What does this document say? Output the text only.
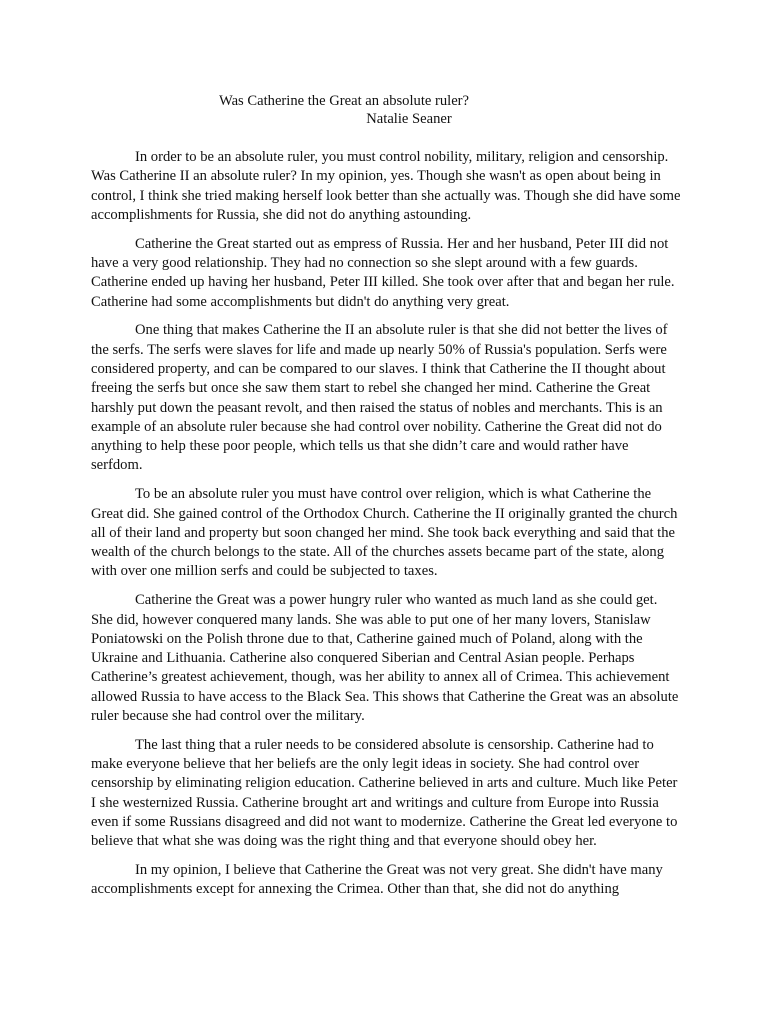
Was Catherine the Great an absolute ruler?
Natalie Seaner

In order to be an absolute ruler, you must control nobility, military, religion and censorship. Was Catherine II an absolute ruler? In my opinion, yes. Though she wasn't as open about being in control, I think she tried making herself look better than she actually was. Though she did have some accomplishments for Russia, she did not do anything astounding.

Catherine the Great started out as empress of Russia. Her and her husband, Peter III did not have a very good relationship. They had no connection so she slept around with a few guards. Catherine ended up having her husband, Peter III killed. She took over after that and began her rule. Catherine had some accomplishments but didn't do anything very great.

One thing that makes Catherine the II an absolute ruler is that she did not better the lives of the serfs. The serfs were slaves for life and made up nearly 50% of Russia's population. Serfs were considered property, and can be compared to our slaves. I think that Catherine the II thought about freeing the serfs but once she saw them start to rebel she changed her mind. Catherine the Great harshly put down the peasant revolt, and then raised the status of nobles and merchants. This is an example of an absolute ruler because she had control over nobility. Catherine the Great did not do anything to help these poor people, which tells us that she didn’t care and would rather have serfdom.

To be an absolute ruler you must have control over religion, which is what Catherine the Great did. She gained control of the Orthodox Church. Catherine the II originally granted the church all of their land and property but soon changed her mind. She took back everything and said that the wealth of the church belongs to the state. All of the churches assets became part of the state, along with over one million serfs and could be subjected to taxes.

Catherine the Great was a power hungry ruler who wanted as much land as she could get. She did, however conquered many lands. She was able to put one of her many lovers, Stanislaw Poniatowski on the Polish throne due to that, Catherine gained much of Poland, along with the Ukraine and Lithuania. Catherine also conquered Siberian and Central Asian people. Perhaps Catherine’s greatest achievement, though, was her ability to annex all of Crimea. This achievement allowed Russia to have access to the Black Sea. This shows that Catherine the Great was an absolute ruler because she had control over the military.

The last thing that a ruler needs to be considered absolute is censorship. Catherine had to make everyone believe that her beliefs are the only legit ideas in society. She had control over censorship by eliminating religion education. Catherine believed in arts and culture. Much like Peter I she westernized Russia. Catherine brought art and writings and culture from Europe into Russia even if some Russians disagreed and did not want to modernize. Catherine the Great led everyone to believe that what she was doing was the right thing and that everyone should obey her.

In my opinion, I believe that Catherine the Great was not very great. She didn't have many accomplishments except for annexing the Crimea. Other than that, she did not do anything
